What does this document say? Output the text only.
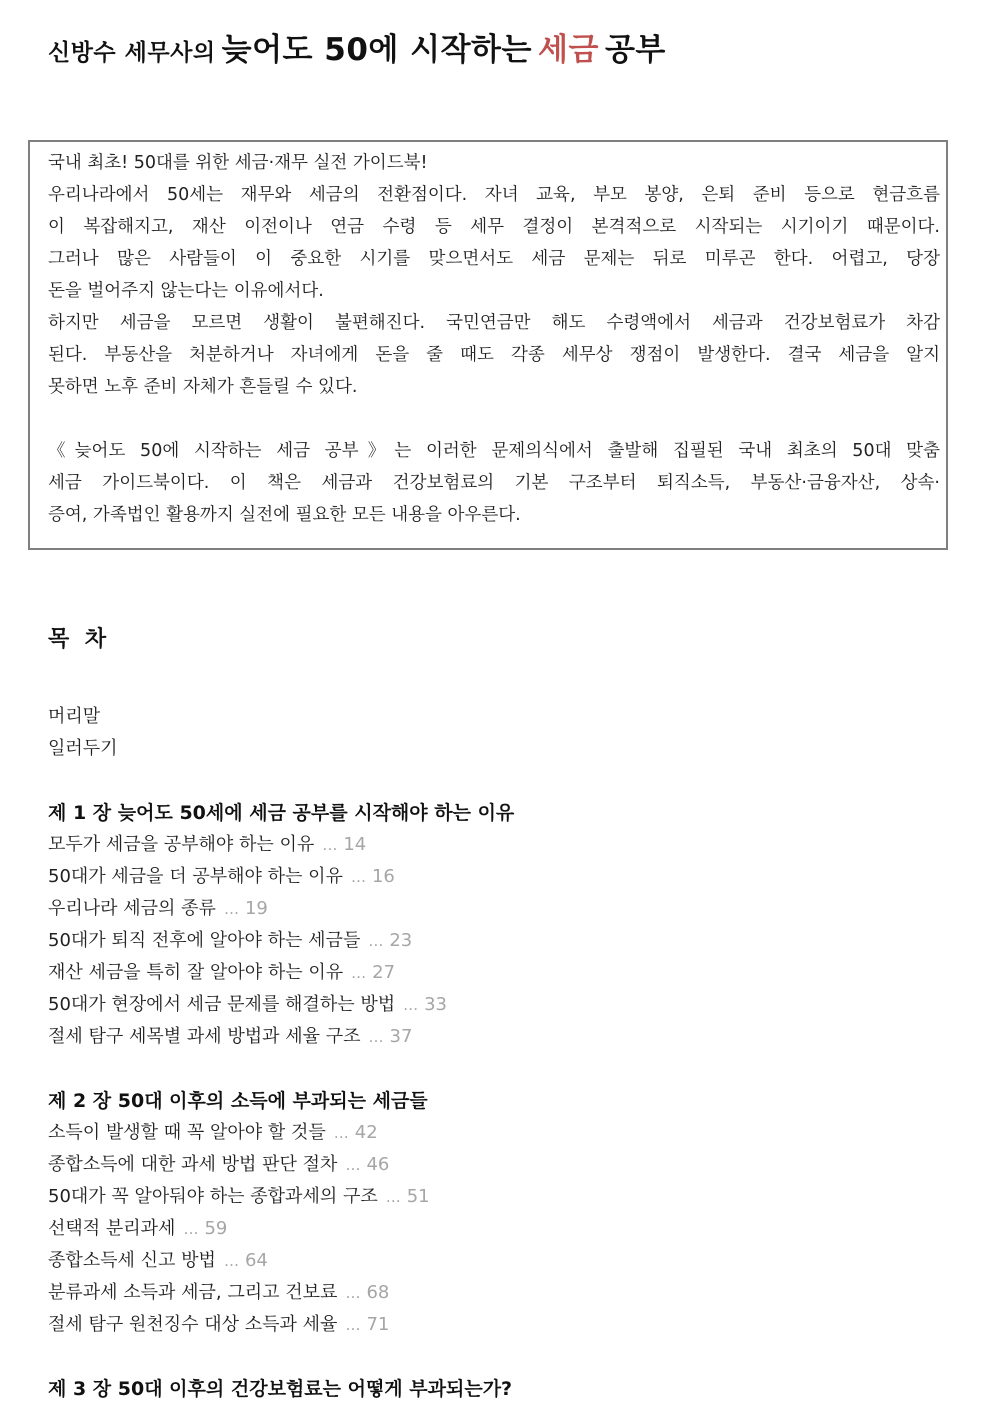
신방수 세무사의 늦어도 50에 시작하는 세금 공부
국내 최초! 50대를 위한 세금·재무 실전 가이드북!
우리나라에서 50세는 재무와 세금의 전환점이다. 자녀 교육, 부모 봉양, 은퇴 준비 등으로 현금흐름
이 복잡해지고, 재산 이전이나 연금 수령 등 세무 결정이 본격적으로 시작되는 시기이기 때문이다.
그러나 많은 사람들이 이 중요한 시기를 맞으면서도 세금 문제는 뒤로 미루곤 한다. 어렵고, 당장
돈을 벌어주지 않는다는 이유에서다.
하지만 세금을 모르면 생활이 불편해진다. 국민연금만 해도 수령액에서 세금과 건강보험료가 차감
된다. 부동산을 처분하거나 자녀에게 돈을 줄 때도 각종 세무상 쟁점이 발생한다. 결국 세금을 알지
못하면 노후 준비 자체가 흔들릴 수 있다.
《늦어도 50에 시작하는 세금 공부》는 이러한 문제의식에서 출발해 집필된 국내 최초의 50대 맞춤
세금 가이드북이다. 이 책은 세금과 건강보험료의 기본 구조부터 퇴직소득, 부동산·금융자산, 상속·
증여, 가족법인 활용까지 실전에 필요한 모든 내용을 아우른다.
목 차
머리말
일러두기
제 1 장 늦어도 50세에 세금 공부를 시작해야 하는 이유
모두가 세금을 공부해야 하는 이유 … 14
50대가 세금을 더 공부해야 하는 이유 … 16
우리나라 세금의 종류 … 19
50대가 퇴직 전후에 알아야 하는 세금들 … 23
재산 세금을 특히 잘 알아야 하는 이유 … 27
50대가 현장에서 세금 문제를 해결하는 방법 … 33
절세 탐구 세목별 과세 방법과 세율 구조 … 37
제 2 장 50대 이후의 소득에 부과되는 세금들
소득이 발생할 때 꼭 알아야 할 것들 … 42
종합소득에 대한 과세 방법 판단 절차 … 46
50대가 꼭 알아둬야 하는 종합과세의 구조 … 51
선택적 분리과세 … 59
종합소득세 신고 방법 … 64
분류과세 소득과 세금, 그리고 건보료 … 68
절세 탐구 원천징수 대상 소득과 세율 … 71
제 3 장 50대 이후의 건강보험료는 어떻게 부과되는가?
